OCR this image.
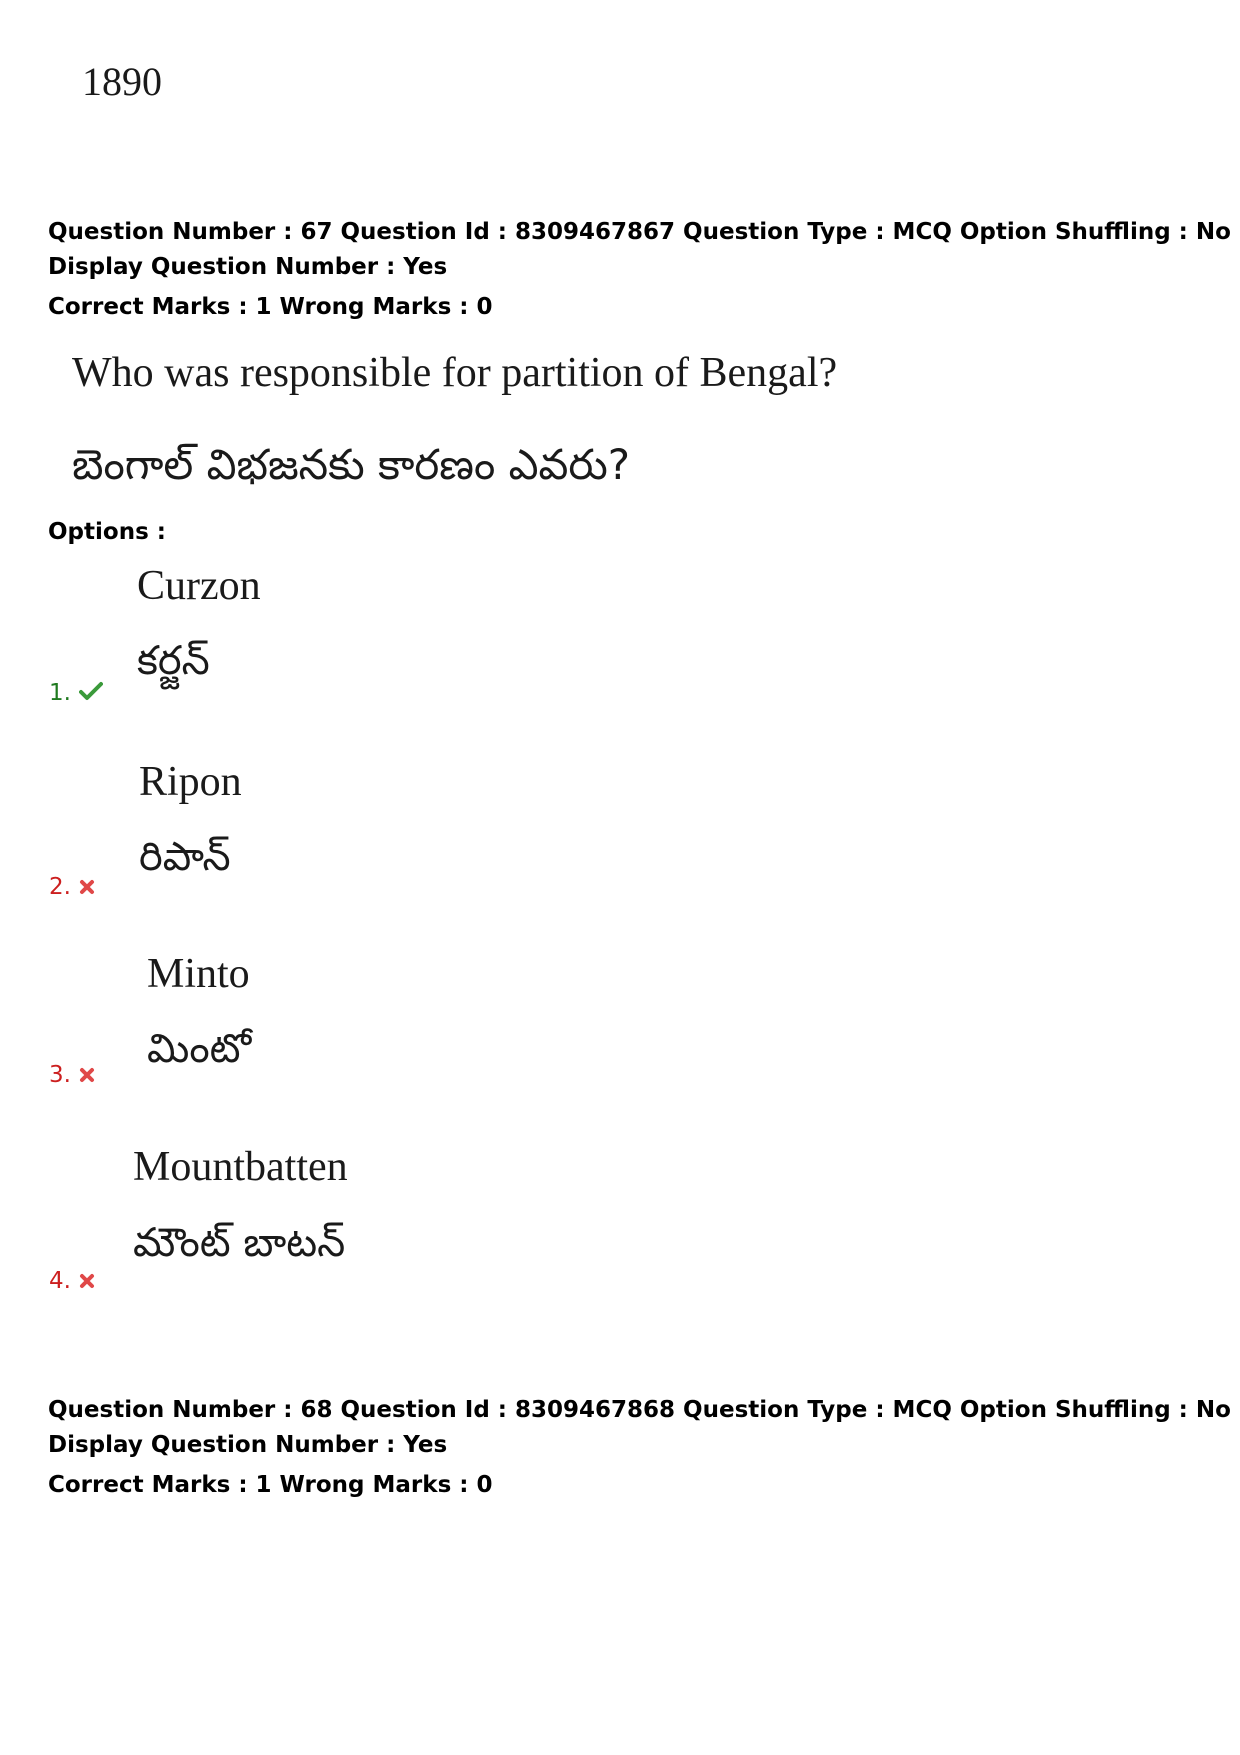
1890
Question Number : 67 Question Id : 8309467867 Question Type : MCQ Option Shuffling : No
Display Question Number : Yes
Correct Marks : 1 Wrong Marks : 0
Who was responsible for partition of Bengal?
బెంగాల్ విభజనకు కారణం ఎవరు?
Options :
Curzon
కర్జన్
1.
Ripon
రిపాన్
2.
Minto
మింటో
3.
Mountbatten
మౌంట్ బాటన్
4.
Question Number : 68 Question Id : 8309467868 Question Type : MCQ Option Shuffling : No
Display Question Number : Yes
Correct Marks : 1 Wrong Marks : 0
